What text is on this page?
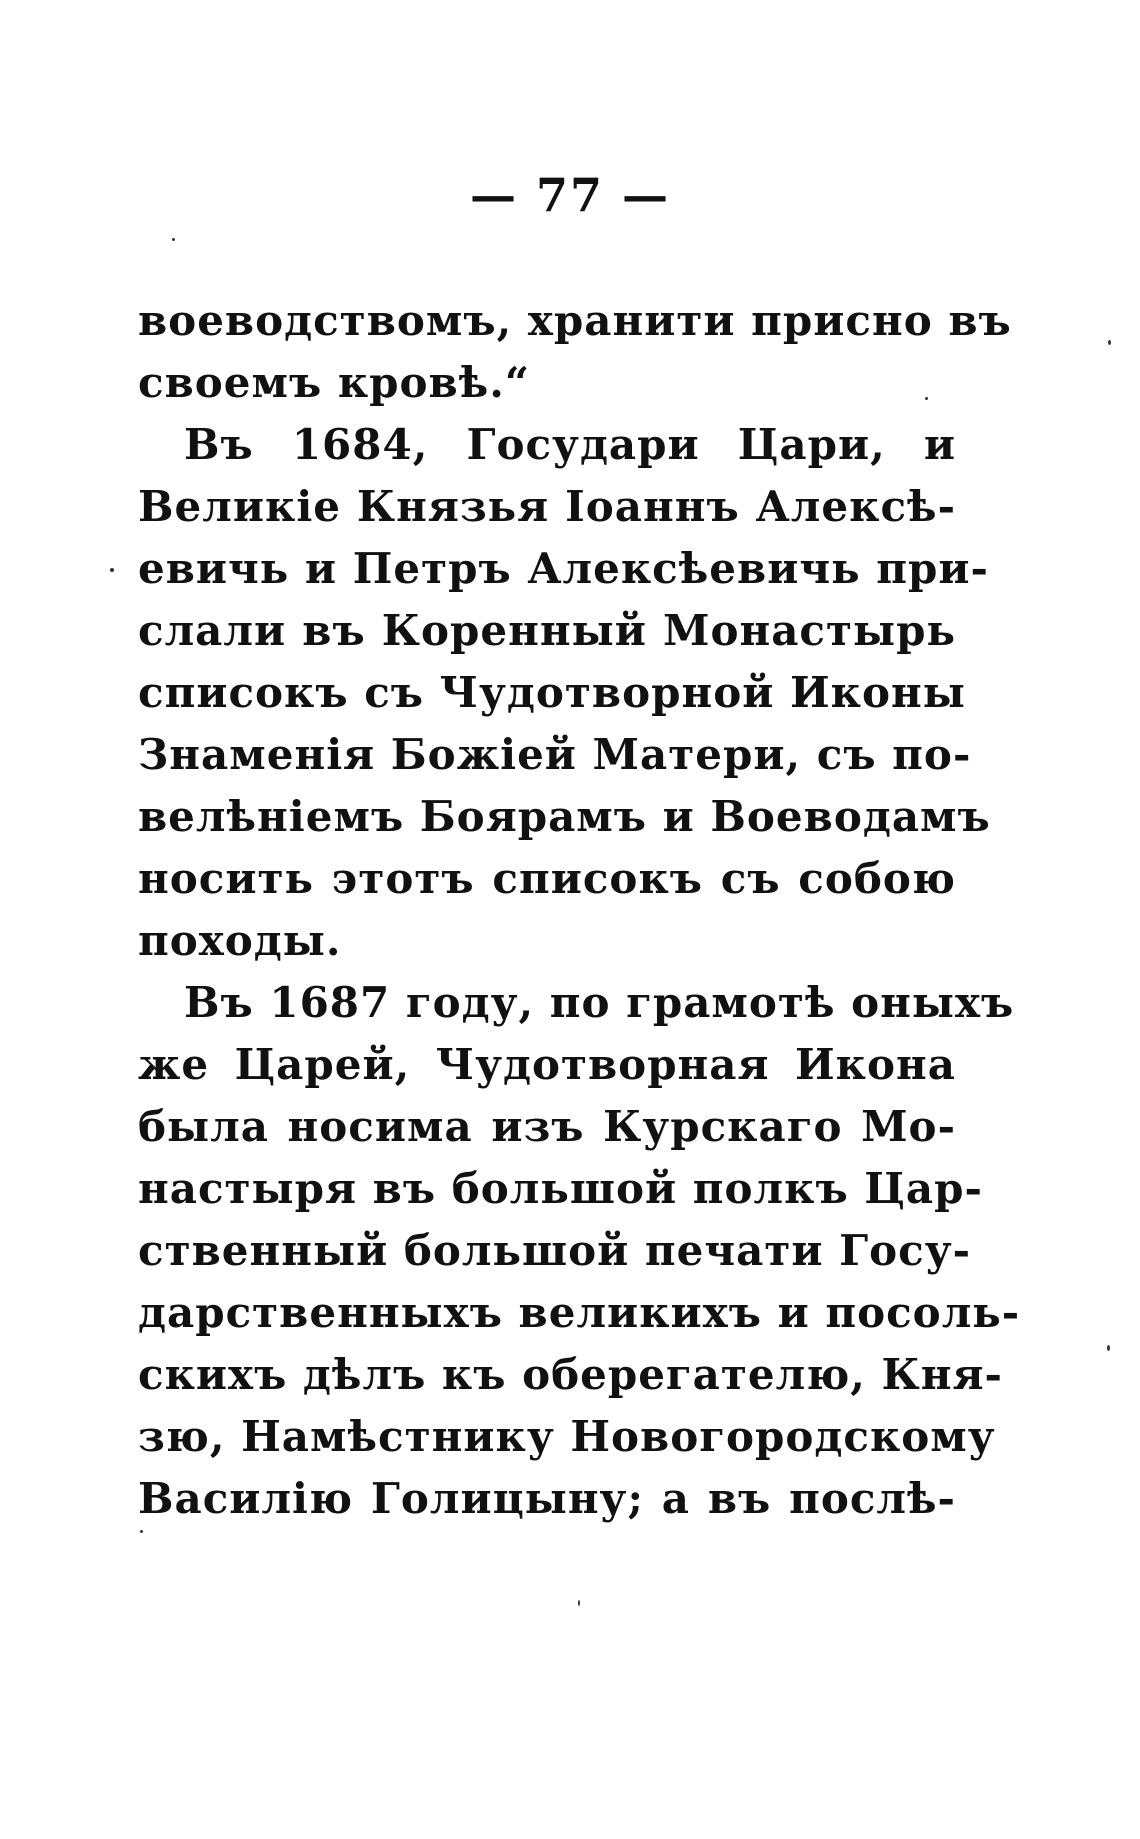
— 77 —
воеводствомъ, хранити присно въ
своемъ кровѣ.“
Въ 1684, Государи Цари, и
Великіе Князья Іоаннъ Алексѣ-
евичь и Петръ Алексѣевичь при-
слали въ Коренный Монастырь
списокъ съ Чудотворной Иконы
Знаменія Божіей Матери, съ по-
велѣніемъ Боярамъ и Воеводамъ
носить этотъ списокъ съ собою
походы.
Въ 1687 году, по грамотѣ оныхъ
же Царей, Чудотворная Икона
была носима изъ Курскаго Мо-
настыря въ большой полкъ Цар-
ственный большой печати Госу-
дарственныхъ великихъ и посоль-
скихъ дѣлъ къ оберегателю, Кня-
зю, Намѣстнику Новогородскому
Василію Голицыну; а въ послѣ-
